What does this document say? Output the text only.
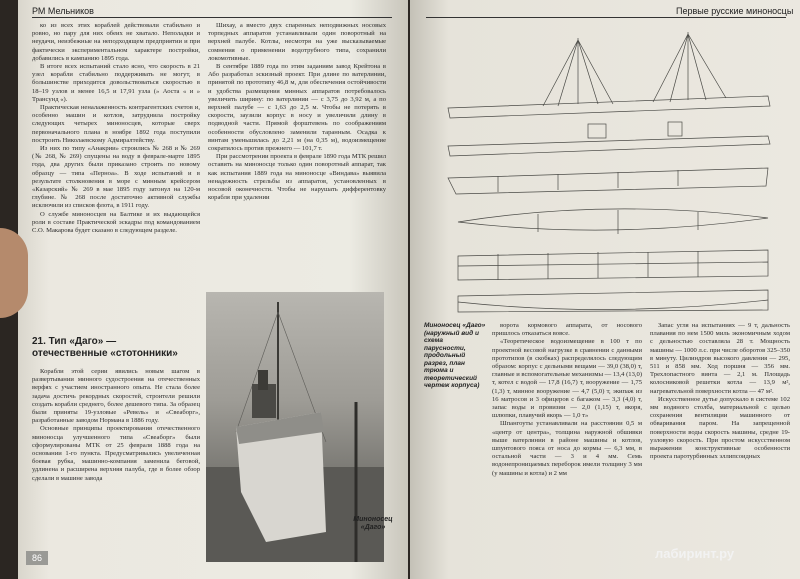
РМ Мельников

ко из всех этих кораблей действовали стабильно и ровно, но пару для них обеих не хватало. Неполадки и неудачи, неизбежные на неподходящем предприятии и при фактически экспериментальном характере постройки, добавились в кампанию 1895 года.

В итоге всех испытаний стало ясно, что скорость в 21 узел корабли стабильно поддерживать не могут, в большинстве приходится довольствоваться скоростью в 18–19 узлов и менее 16,5 и 17,91 узла (» Аоста « и » Трансунд «).

Практическая неналаженность контрагентских счетов и, особенно машин и котлов, затруднила постройку следующих четырех миноносцев, которые сверх первоначального плана в ноябре 1892 года поступили построить Николаевскому Адмиралтейству.

Из них по типу «Анакрии» строились № 268 и № 269 (№ 268, № 269) спущены на воду в феврале-марте 1895 года, два других были приказано строить по новому образцу — типа «Перноа». В ходе испытаний и в результате столкновения в море с минным крейсером «Казарский» № 269 в мае 1895 году затонул на 120-м глубине. № 268 после достаточно активной службы исключили из списков флота, в 1911 году.

О службе миноносцев на Балтике и их выдающейся роли в составе Практической эскадры под командованием С.О. Макарова будет сказано в следующем разделе.

21. Тип «Даго» — отечественные «стотонники»

Корабли этой серии явились новым шагом в развертывании минного судостроения на отечественных верфях с участием иностранного опыта. Не стала более задача достичь рекордных скоростей, строители решили создать корабли среднего, более дешевого типа. За образец были приняты 19-узловые «Ревель» и «Свеаборг», разработанные заводом Нормана в 1886 году.

Основные принципы проектирования отечественного миноносца улучшенного типа «Свеаборг» были сформулированы МТК от 25 февраля 1888 года на основании 1-го пункта. Предусматривались увеличенная боевая рубка, машинно-компания заменила беговой, удлинена и расширена верхняя палуба, где в более обзор сделали в машине завода

Шихау, а вместо двух спаренных неподвижных носовых торпедных аппаратов устанавливали один поворотный на верхней палубе. Котлы, несмотря на уже высказываемые сомнения о применении водотрубного типа, сохранили локомотивные.

В сентябре 1889 года по этим заданиям завод Крейтона в Або разработал эскизный проект. При длине по ватерлинии, принятой по прототипу 46,8 м, для обеспечения остойчивости и удобства размещения минных аппаратов потребовалось увеличить ширину: по ватерлинии — с 3,75 до 3,92 м, а по верхней палубе — с 1,63 до 2,5 м. Чтобы не потерять в скорости, заузили корпус в носу и увеличили длину в подводной части. Прямой форштевень по соображениям особенности обусловлено заменили таранным. Осадка к винтам уменьшилась до 2,21 м (на 0,35 м), водоизмещение сократилось против прежнего — 101,7 т.

При рассмотрении проекта в феврале 1890 года МТК решил оставить на миноносце только один поворотный аппарат, так как испытания 1889 года на миноносце «Виндава» выявила ненадежность стрельбы из аппаратов, установленных в носовой оконечности. Чтобы не нарушать дифферентовку корабля при удалении

Миноносец «Даго»
86
Первые русские миноносцы
Миноносец «Даго» (наружный вид и схема парусности, продольный разрез, план трюма и теоретический чертеж корпуса)

ворота кормового аппарата, от носового пришлось отказаться вовсе.

«Теоретическое водоизмещение в 100 т по проектной весовой нагрузке в сравнении с данными прототипов (в скобках) распределялось следующим образом: корпус с дельными вещами — 39,0 (38,0) т, главные и вспомогательные механизмы — 13,4 (13,0) т, котел с водой — 17,8 (16,7) т, вооружение — 1,75 (1,3) т, минное вооружение — 4,7 (5,0) т, экипаж из 16 матросов и 3 офицеров с багажом — 3,3 (4,0) т, запас воды и провизии — 2,0 (1,15) т, якоря, шлюпки, плавучий якорь — 1,0 т»

Шпангоуты устанавливали на расстоянии 0,5 м «центр от центра», толщина наружной обшивки выше ватерлинии в районе машины и котлов, шпунтового пояса от носа до кормы — 6,3 мм, в остальной части — 3 и 4 мм. Семь водонепроницаемых переборок имели толщину 3 мм (у машины и котла) и 2 мм

Запас угля на испытаниях — 9 т, дальность плавания по нем 1500 миль экономичным ходом с дельностью составляла 28 т. Мощность машины — 1000 л.с. при числе оборотов 325–350 в минуту. Цилиндров высокого давления — 295, 511 и 858 мм. Ход поршня — 356 мм. Трехлопастного винта — 2,1 м. Площадь колосниковой решетки котла — 13,9 м², нагревательной поверхности котла — 47 м².

Искусственное дутье допускало в системе 102 мм водяного столба, материальной с целью сохранения вентиляции машинного от обваривания паром. На запрещенной поверхности воды скорость машины, средне 19-узловую скорость. При простом искусственном выражении конструктивные особенности проекта паротурбинных эллипсоидных

лабиринт.ру
